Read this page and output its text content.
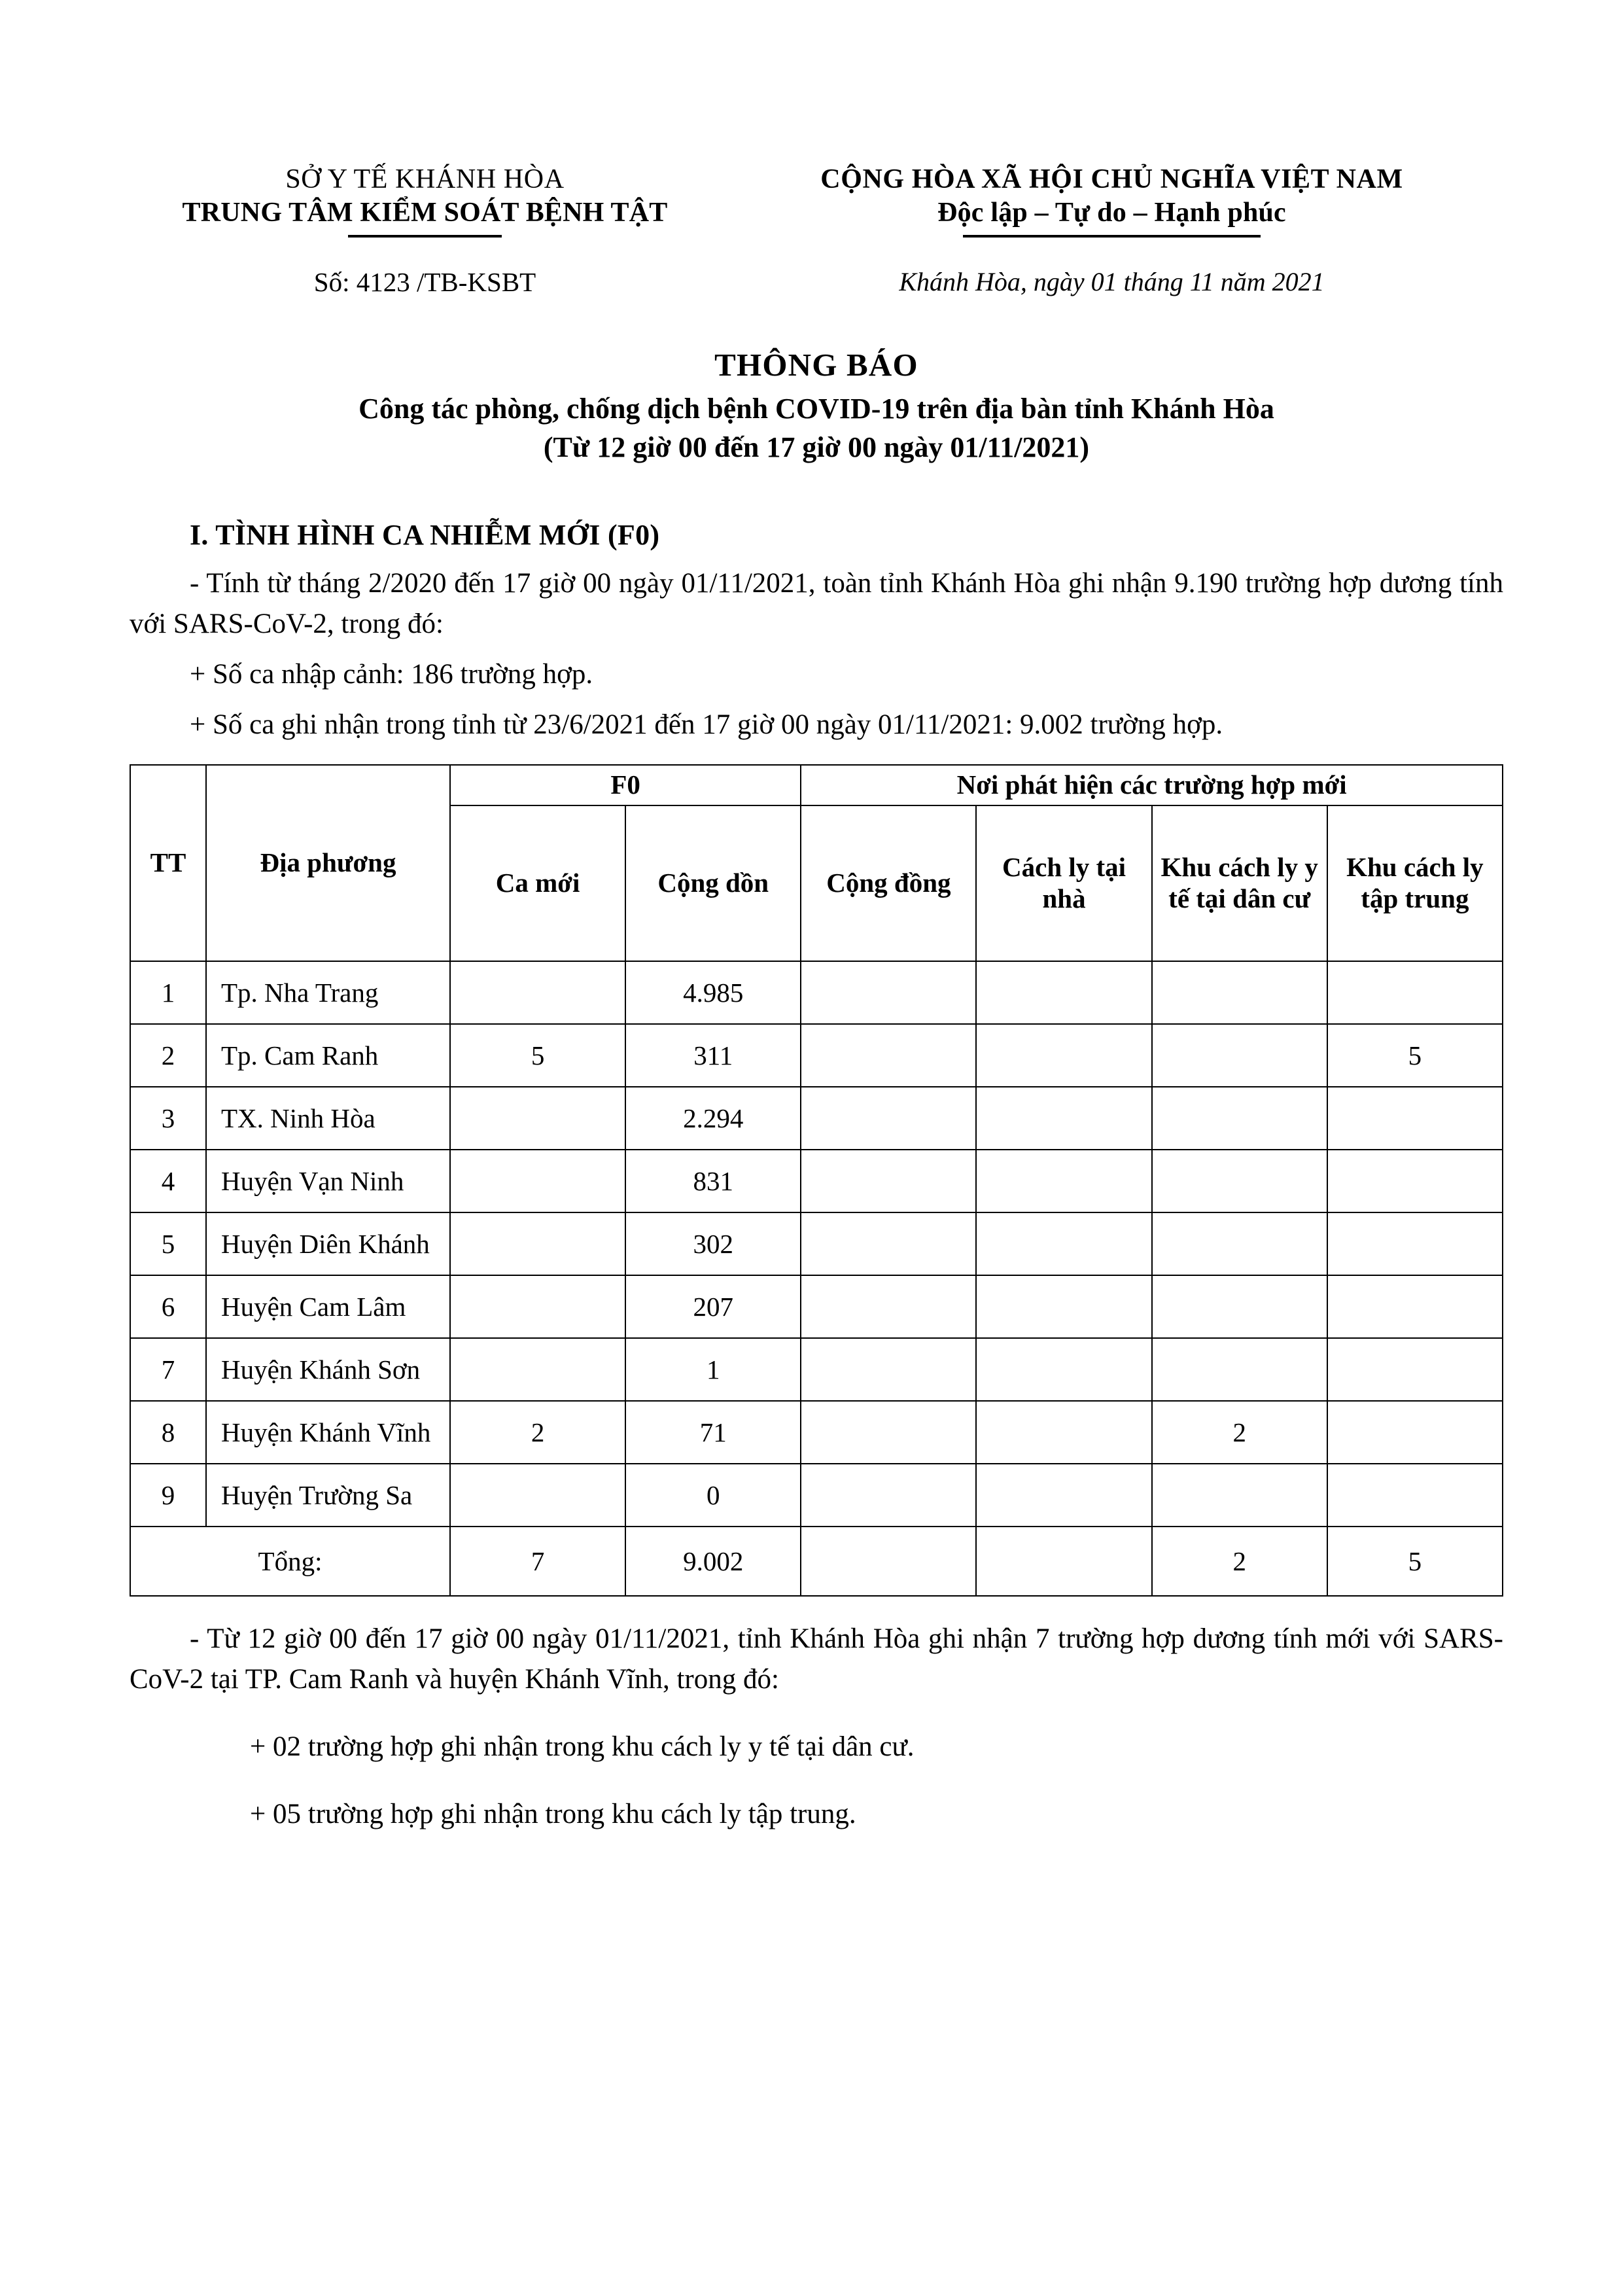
SỞ Y TẾ KHÁNH HÒA
TRUNG TÂM KIỂM SOÁT BỆNH TẬT
CỘNG HÒA XÃ HỘI CHỦ NGHĨA VIỆT NAM
Độc lập – Tự do – Hạnh phúc
Số: 4123 /TB-KSBT	Khánh Hòa, ngày 01 tháng 11 năm 2021
THÔNG BÁO
Công tác phòng, chống dịch bệnh COVID-19 trên địa bàn tỉnh Khánh Hòa
(Từ 12 giờ 00 đến 17 giờ 00 ngày 01/11/2021)
I. TÌNH HÌNH CA NHIỄM MỚI (F0)

- Tính từ tháng 2/2020 đến 17 giờ 00 ngày 01/11/2021, toàn tỉnh Khánh Hòa ghi nhận 9.190 trường hợp dương tính với SARS-CoV-2, trong đó:

+ Số ca nhập cảnh: 186 trường hợp.

+ Số ca ghi nhận trong tỉnh từ 23/6/2021 đến 17 giờ 00 ngày 01/11/2021: 9.002 trường hợp.

TT	Địa phương	F0		Nơi phát hiện các trường hợp mới			
		Ca mới	Cộng dồn	Cộng đồng	Cách ly tại nhà	Khu cách ly y tế tại dân cư	Khu cách ly tập trung
1	Tp. Nha Trang		4.985				
2	Tp. Cam Ranh	5	311				5
3	TX. Ninh Hòa		2.294				
4	Huyện Vạn Ninh		831				
5	Huyện Diên Khánh		302				
6	Huyện Cam Lâm		207				
7	Huyện Khánh Sơn		1				
8	Huyện Khánh Vĩnh	2	71			2	
9	Huyện Trường Sa		0				
Tổng:		7	9.002			2	5

- Từ 12 giờ 00 đến 17 giờ 00 ngày 01/11/2021, tỉnh Khánh Hòa ghi nhận 7 trường hợp dương tính mới với SARS-CoV-2 tại TP. Cam Ranh và huyện Khánh Vĩnh, trong đó:

+ 02 trường hợp ghi nhận trong khu cách ly y tế tại dân cư.

+ 05 trường hợp ghi nhận trong khu cách ly tập trung.
